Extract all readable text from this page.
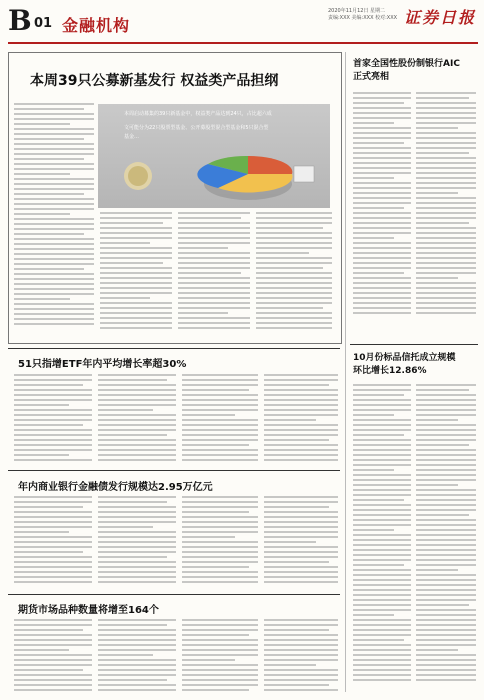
B 01 金融机构
2020年11月12日 星期二
责编:XXX 美编:XXX 校对:XXX 证券日报
本周39只公募新基发行 权益类产品担纲
本周启动募集的39只新基金中，权益类产品达到24只，占比超六成
文可能分为22只股票型基金、公开募股型混合型基金和5只混合型
基金…
首家全国性股份制银行AIC
正式亮相
51只指增ETF年内平均增长率超30%
年内商业银行金融债发行规模达2.95万亿元
期货市场品种数量将增至164个
10月份标品信托成立规模
环比增长12.86%
